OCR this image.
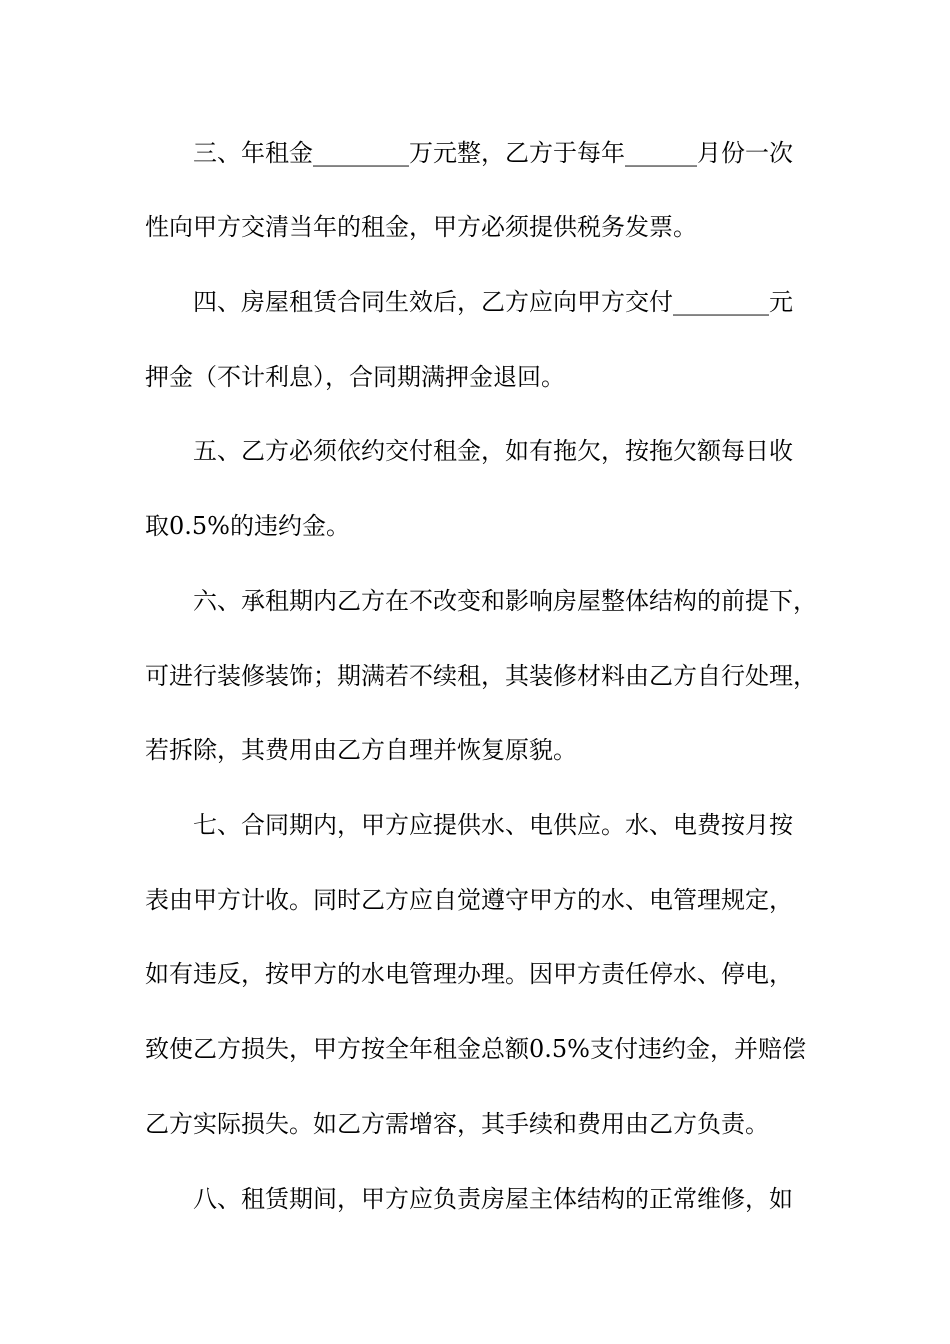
三、年租金________万元整，乙方于每年______月份一次
性向甲方交清当年的租金，甲方必须提供税务发票。
四、房屋租赁合同生效后，乙方应向甲方交付________元
押金（不计利息），合同期满押金退回。
五、乙方必须依约交付租金，如有拖欠，按拖欠额每日收
取0.5%的违约金。
六、承租期内乙方在不改变和影响房屋整体结构的前提下，
可进行装修装饰；期满若不续租，其装修材料由乙方自行处理，
若拆除，其费用由乙方自理并恢复原貌。
七、合同期内，甲方应提供水、电供应。水、电费按月按
表由甲方计收。同时乙方应自觉遵守甲方的水、电管理规定，
如有违反，按甲方的水电管理办理。因甲方责任停水、停电，
致使乙方损失，甲方按全年租金总额0.5%支付违约金，并赔偿
乙方实际损失。如乙方需增容，其手续和费用由乙方负责。
八、租赁期间，甲方应负责房屋主体结构的正常维修，如
